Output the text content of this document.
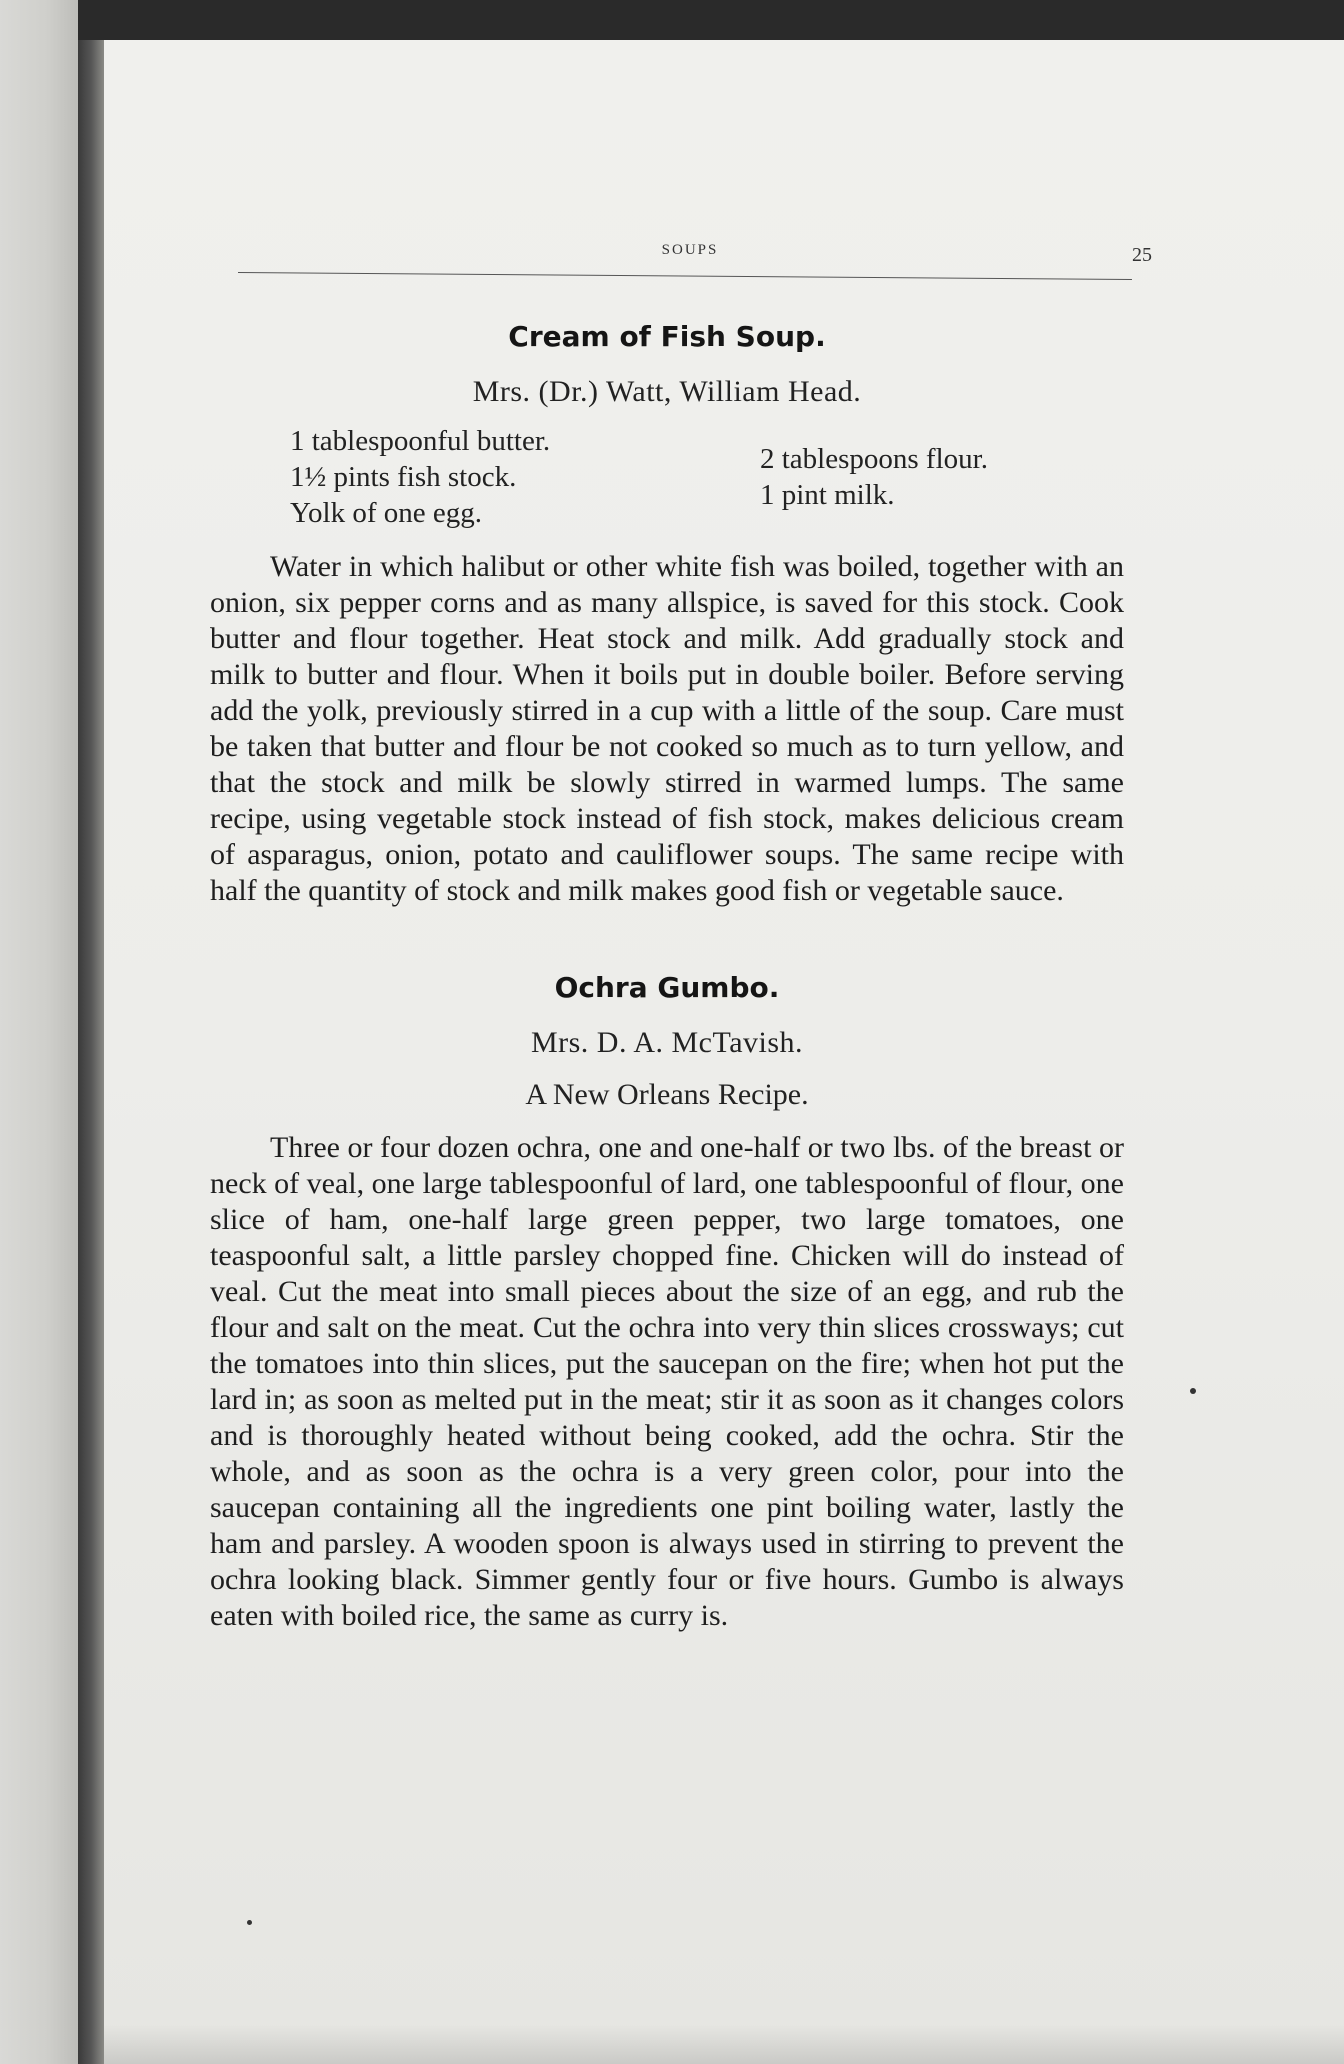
SOUPS	25
Cream of Fish Soup.

Mrs. (Dr.) Watt, William Head.

1 tablespoonful butter.
1½ pints fish stock.
Yolk of one egg.
2 tablespoons flour.
1 pint milk.

Water in which halibut or other white fish was boiled, together with an onion, six pepper corns and as many allspice, is saved for this stock. Cook butter and flour together. Heat stock and milk. Add gradually stock and milk to butter and flour. When it boils put in double boiler. Before serving add the yolk, previously stirred in a cup with a little of the soup. Care must be taken that butter and flour be not cooked so much as to turn yellow, and that the stock and milk be slowly stirred in warmed lumps. The same recipe, using vegetable stock instead of fish stock, makes delicious cream of asparagus, onion, potato and cauliflower soups. The same recipe with half the quantity of stock and milk makes good fish or vegetable sauce.

Ochra Gumbo.

Mrs. D. A. McTavish.

A New Orleans Recipe.

Three or four dozen ochra, one and one-half or two lbs. of the breast or neck of veal, one large tablespoonful of lard, one tablespoonful of flour, one slice of ham, one-half large green pepper, two large tomatoes, one teaspoonful salt, a little parsley chopped fine. Chicken will do instead of veal. Cut the meat into small pieces about the size of an egg, and rub the flour and salt on the meat. Cut the ochra into very thin slices crossways; cut the tomatoes into thin slices, put the saucepan on the fire; when hot put the lard in; as soon as melted put in the meat; stir it as soon as it changes colors and is thoroughly heated without being cooked, add the ochra. Stir the whole, and as soon as the ochra is a very green color, pour into the saucepan containing all the ingredients one pint boiling water, lastly the ham and parsley. A wooden spoon is always used in stirring to prevent the ochra looking black. Simmer gently four or five hours. Gumbo is always eaten with boiled rice, the same as curry is.
